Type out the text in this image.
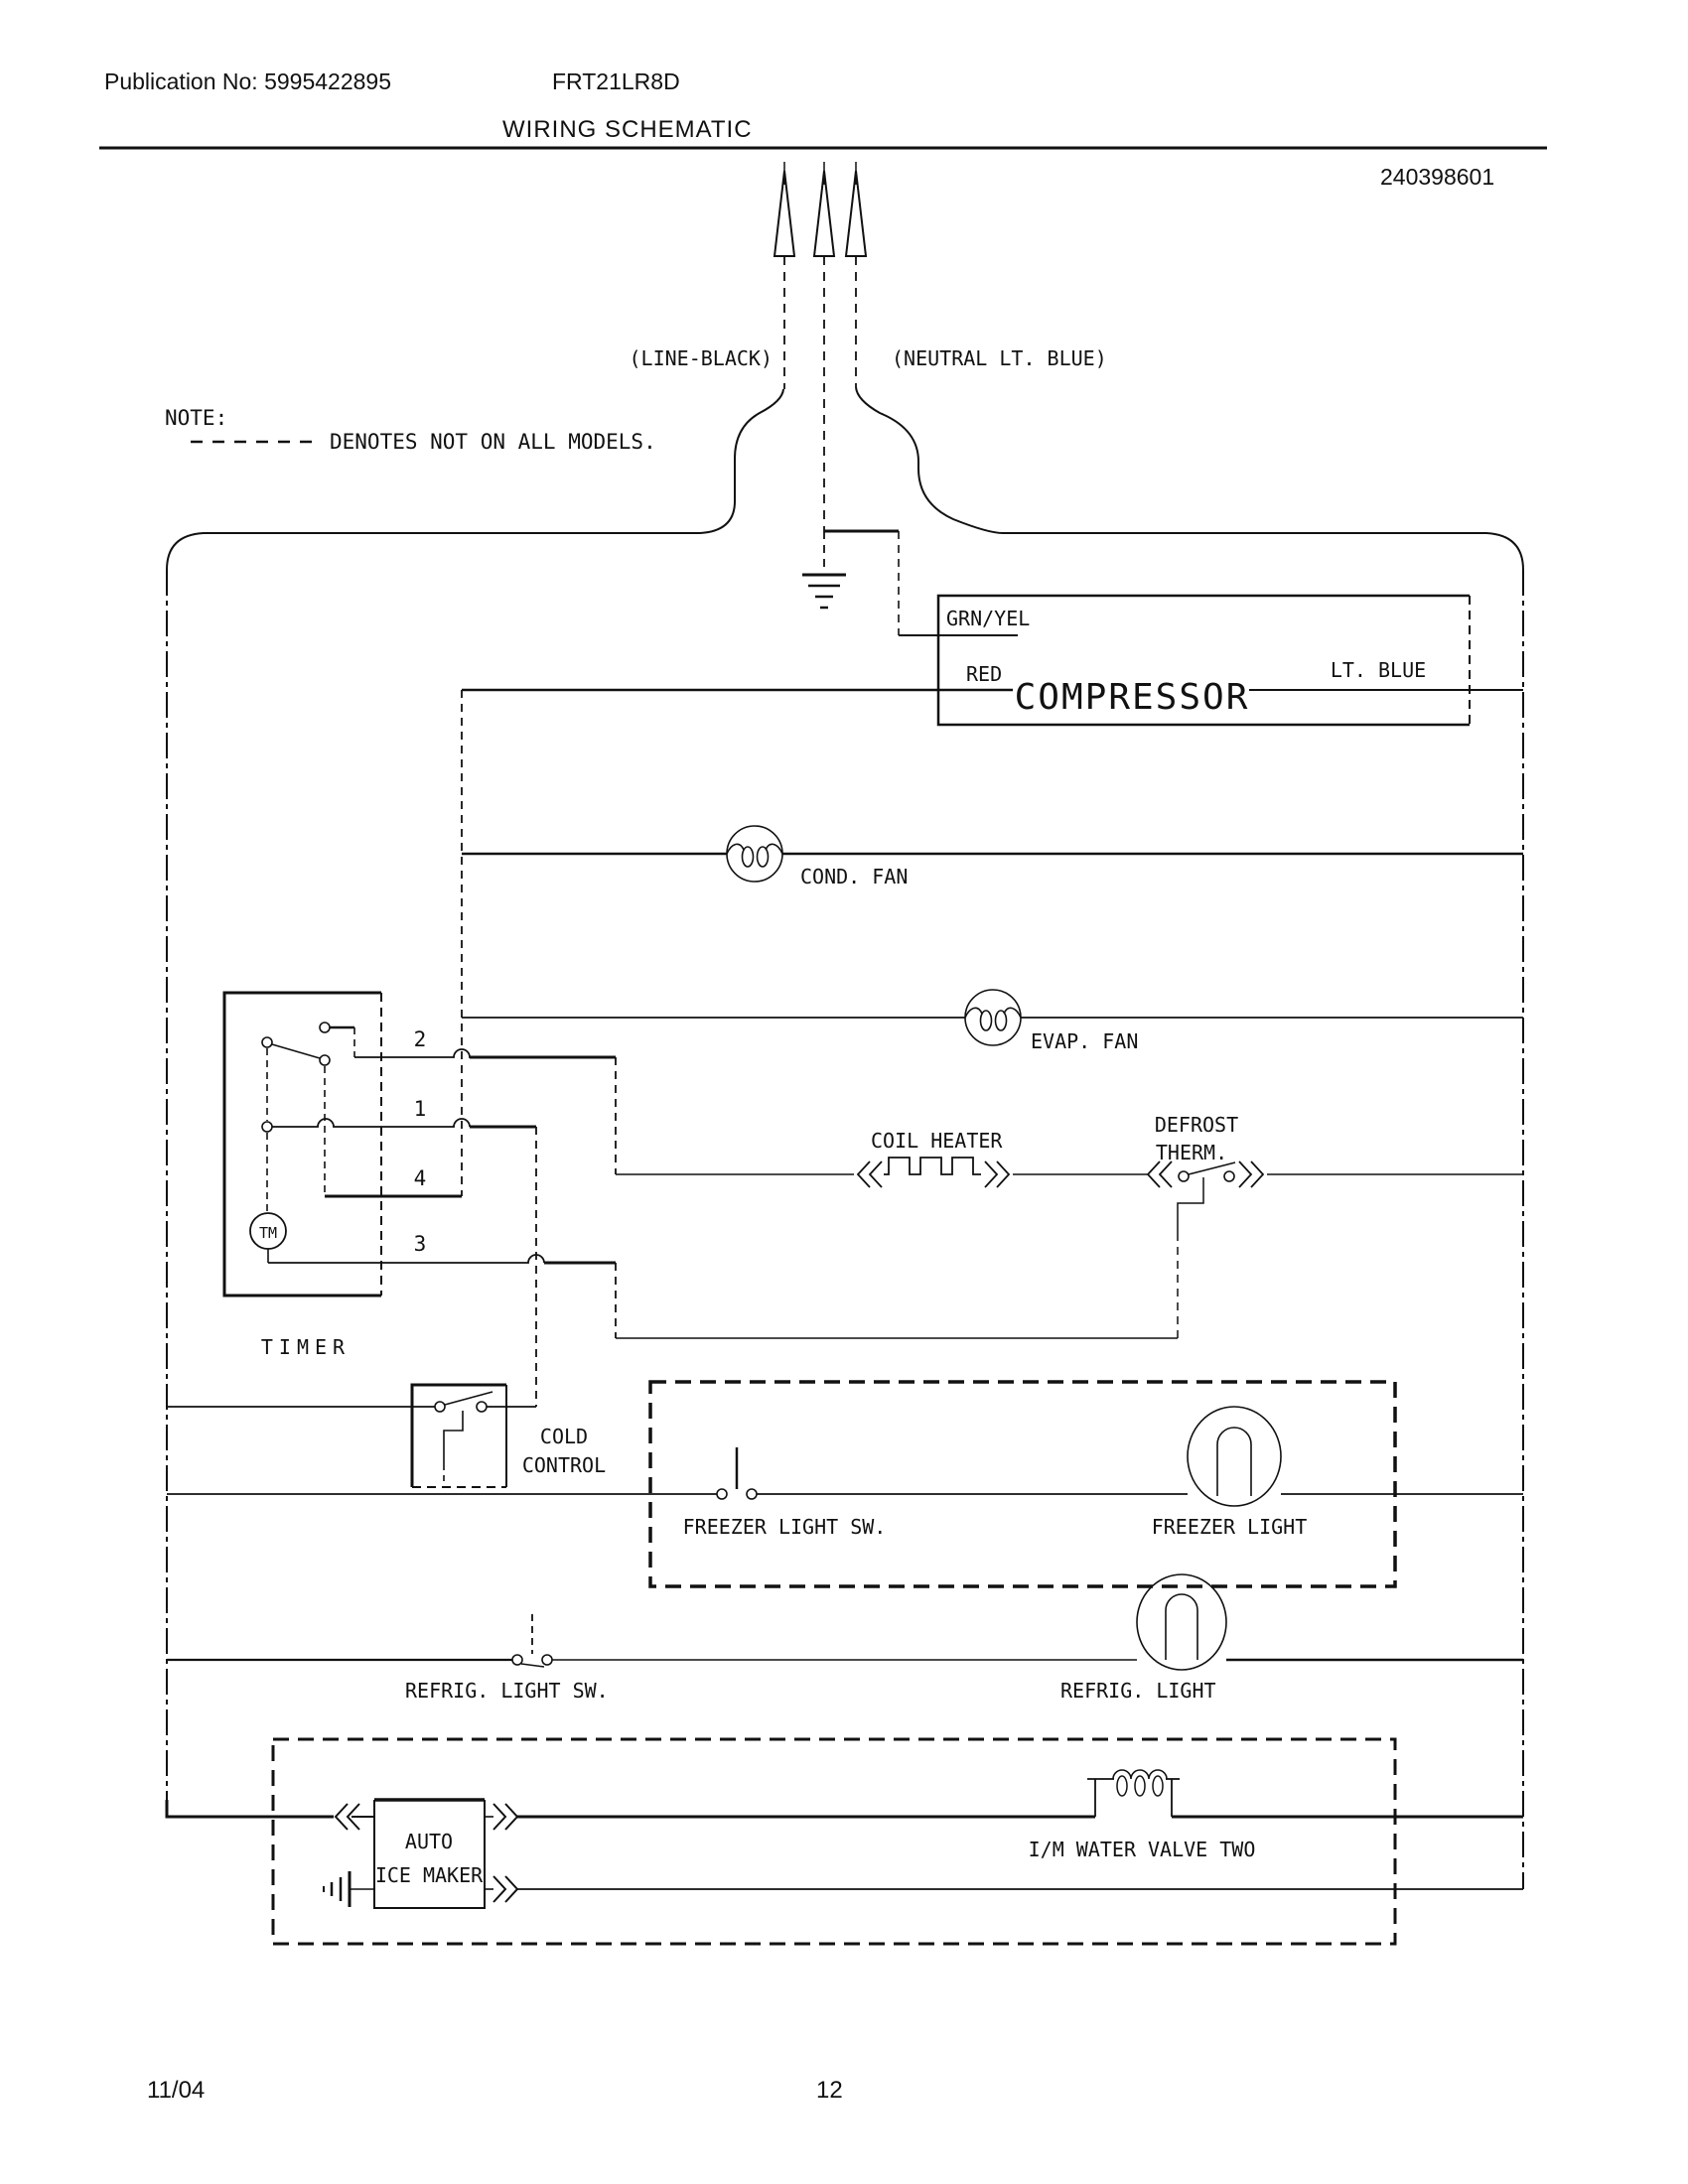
Publication No: 5995422895	FRT21LR8D
WIRING SCHEMATIC
240398601
NOTE:
DENOTES NOT ON ALL MODELS.
(LINE-BLACK)	(NEUTRAL LT. BLUE)
GRN/YEL
RED
COMPRESSOR
LT. BLUE
COND. FAN
EVAP. FAN
TIMER
TM
2
1
4
3
COIL HEATER
DEFROST
THERM.
COLD
CONTROL
FREEZER LIGHT SW.	FREEZER LIGHT
REFRIG. LIGHT SW.	REFRIG. LIGHT
AUTO
ICE MAKER
I/M WATER VALVE TWO
11/04	12
